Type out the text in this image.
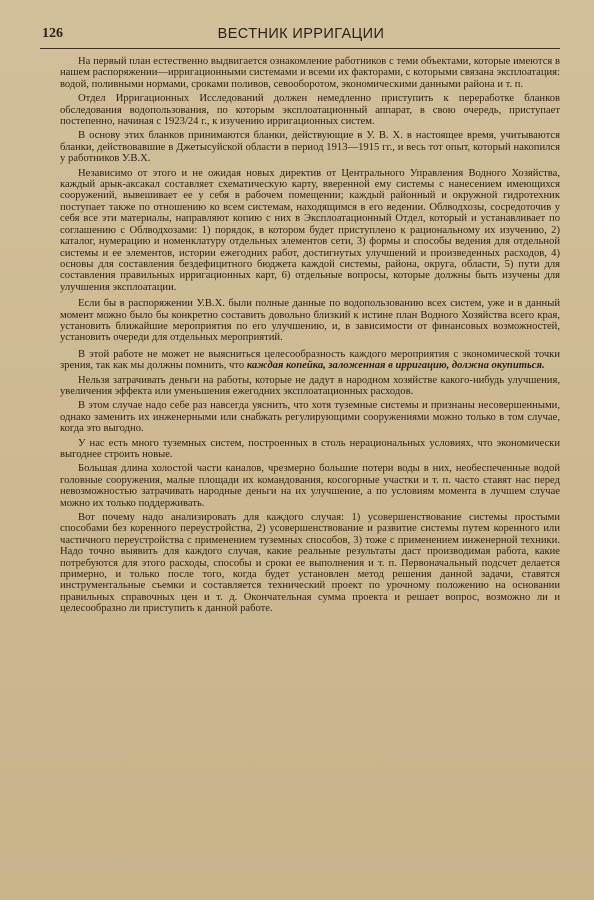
126	ВЕСТНИК ИРРИГАЦИИ

На первый план естественно выдвигается ознакомление работников с теми объектами, которые имеются в нашем распоряжении—ирригационными системами и всеми их факторами, с которыми связана эксплоатация: водой, поливными нормами, сроками поливов, севооборотом, экономическими данными района и т. п.

Отдел Ирригационных Исследований должен немедленно приступить к переработке бланков обследования водопользования, по которым эксплоатационный аппарат, в свою очередь, приступает постепенно, начиная с 1923/24 г., к изучению ирригационных систем.

В основу этих бланков принимаются бланки, действующие в У. В. Х. в настоящее время, учитываются бланки, действовавшие в Джетысуйской области в период 1913—1915 гг., и весь тот опыт, который накопился у работников У.В.Х.

Независимо от этого и не ожидая новых директив от Центрального Управления Водного Хозяйства, каждый арык-аксакал составляет схематическую карту, вверенной ему системы с нанесением имеющихся сооружений, вывешивает ее у себя в рабочем помещении; каждый районный и окружной гидротехник поступает также по отношению ко всем системам, находящимся в его ведении. Облводхозы, сосредоточив у себя все эти материалы, направляют копию с них в Эксплоатационный Отдел, который и устанавливает по соглашению с Облводхозами: 1) порядок, в котором будет приступлено к рациональному их изучению, 2) каталог, нумерацию и номенклатуру отдельных элементов сети, 3) формы и способы ведения для отдельной системы и ее элементов, истории ежегодних работ, достигнутых улучшений и произведенных расходов, 4) основы для составления бездефицитного бюджета каждой системы, района, округа, области, 5) пути для составления правильных ирригационных карт, 6) отдельные вопросы, которые должны быть изучены для улучшения эксплоатации.

Если бы в распоряжении У.В.Х. были полные данные по водопользованию всех систем, уже и в данный момент можно было бы конкретно составить довольно близкий к истине план Водного Хозяйства всего края, установить ближайшие мероприятия по его улучшению, и, в зависимости от финансовых возможностей, установить очереди для отдельных мероприятий.

В этой работе не может не выясниться целесообразность каждого мероприятия с экономической точки зрения, так как мы должны помнить, что каждая копейка, заложенная в ирригацию, должна окупиться.

Нельзя затрачивать деньги на работы, которые не дадут в народном хозяйстве какого-нибудь улучшения, увеличения эффекта или уменьшения ежегодних эксплоатационных расходов.

В этом случае надо себе раз навсегда уяснить, что хотя туземные системы и признаны несовершенными, однако заменить их инженерными или снабжать регулирующими сооружениями можно только в том случае, когда это выгодно.

У нас есть много туземных систем, построенных в столь нерациональных условиях, что экономически выгоднее строить новые.

Большая длина холостой части каналов, чрезмерно большие потери воды в них, необеспеченные водой головные сооружения, малые площади их командования, косогорные участки и т. п. часто ставят нас перед невозможностью затрачивать народные деньги на их улучшение, а по условиям момента в лучшем случае можно их только поддерживать.

Вот почему надо анализировать для каждого случая: 1) усовершенствование системы простыми способами без коренного переустройства, 2) усовершенствование и развитие системы путем коренного или частичного переустройства с применением туземных способов, 3) тоже с применением инженерной техники. Надо точно выявить для каждого случая, какие реальные результаты даст производимая работа, какие потребуются для этого расходы, способы и сроки ее выполнения и т. п. Первоначальный подсчет делается примерно, и только после того, когда будет установлен метод решения данной задачи, ставятся инструментальные съемки и составляется технический проект по урочному положению на основании правильных справочных цен и т. д. Окончательная сумма проекта и решает вопрос, возможно ли и целесообразно ли приступить к данной работе.
